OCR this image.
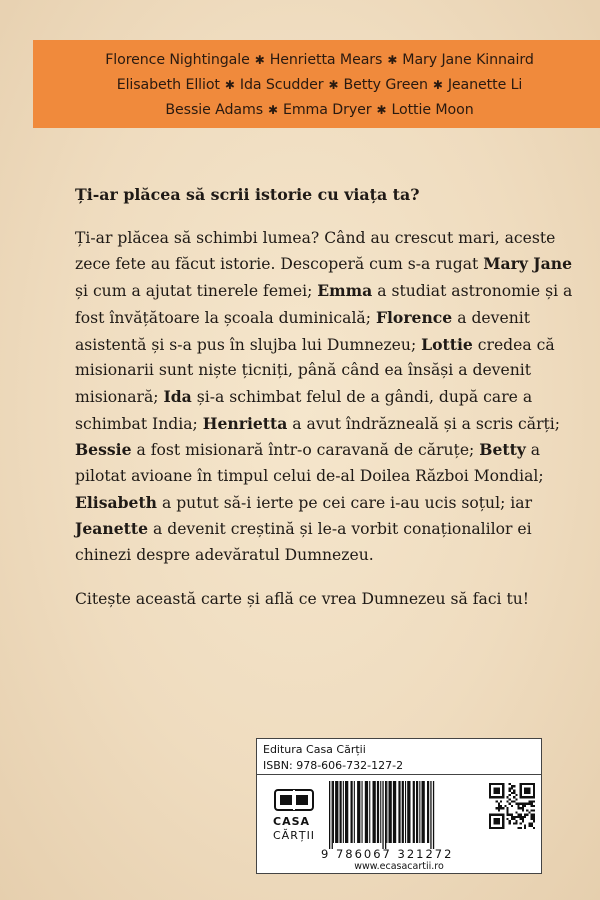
Florence Nightingale ✱ Henrietta Mears ✱ Mary Jane Kinnaird
Elisabeth Elliot ✱ Ida Scudder ✱ Betty Green ✱ Jeanette Li
Bessie Adams ✱ Emma Dryer ✱ Lottie Moon

Ți-ar plăcea să scrii istorie cu viața ta?

Ți-ar plăcea să schimbi lumea? Când au crescut mari, aceste zece fete au făcut istorie. Descoperă cum s-a rugat Mary Jane și cum a ajutat tinerele femei; Emma a studiat astronomie și a fost învățătoare la școala duminicală; Florence a devenit asistentă și s-a pus în slujba lui Dumnezeu; Lottie credea că misionarii sunt niște țicniți, până când ea însăși a devenit misionară; Ida și-a schimbat felul de a gândi, după care a schimbat India; Henrietta a avut îndrăzneală și a scris cărți; Bessie a fost misionară într-o caravană de căruțe; Betty a pilotat avioane în timpul celui de-al Doilea Război Mondial; Elisabeth a putut să-i ierte pe cei care i-au ucis soțul; iar Jeanette a devenit creștină și le-a vorbit conaționalilor ei chinezi despre adevăratul Dumnezeu.

Citește această carte și află ce vrea Dumnezeu să faci tu!

Editura Casa Cărții
ISBN: 978-606-732-127-2
CASA
CĂRȚII
9 786067 321272
www.ecasacartii.ro
